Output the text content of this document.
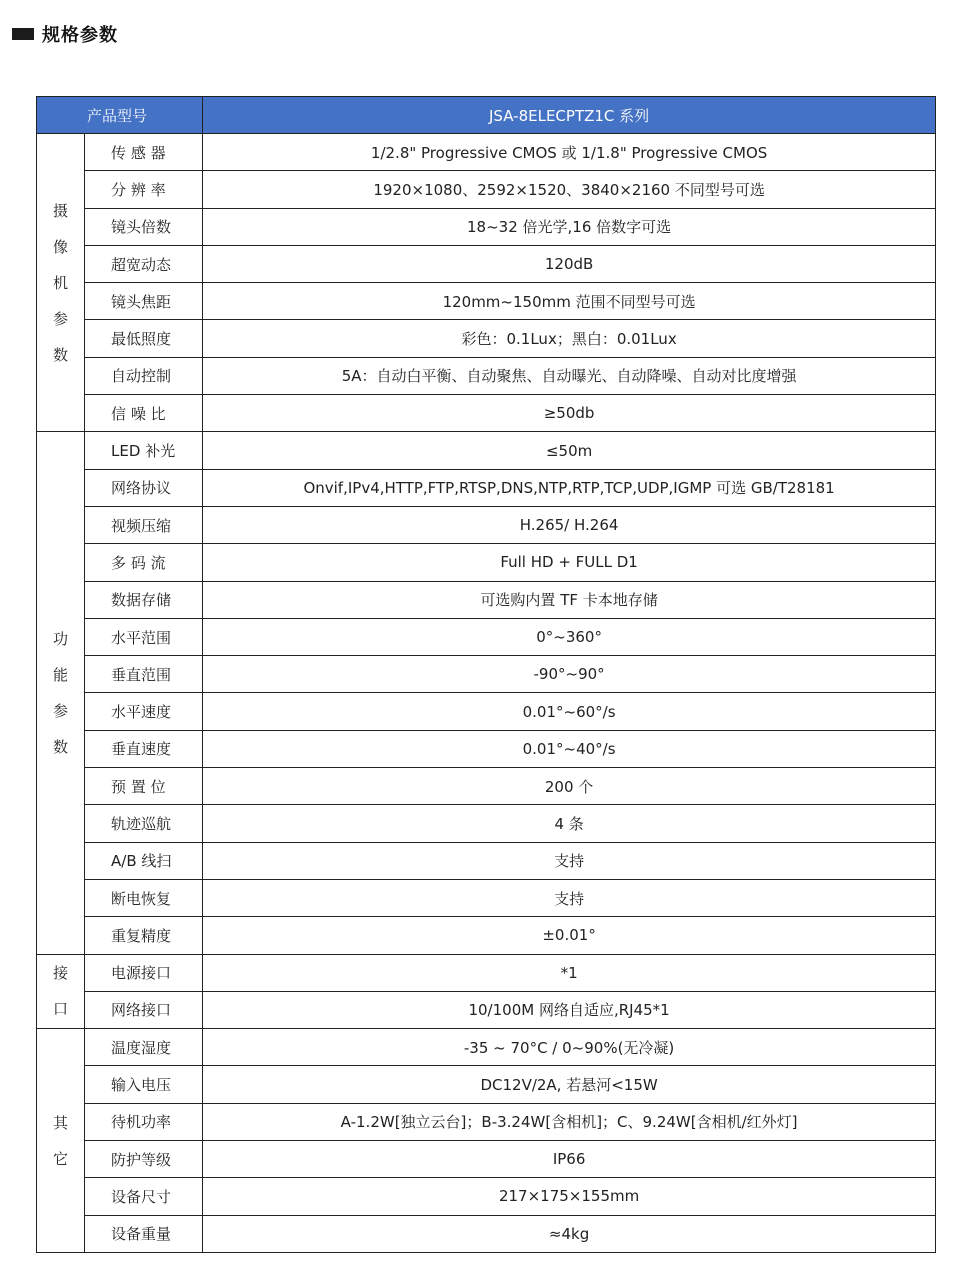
规格参数
产品型号		JSA-8ELECPTZ1C 系列

摄
像
机
参
数	传 感 器	1/2.8" Progressive CMOS 或 1/1.8" Progressive CMOS
	分 辨 率	1920×1080、2592×1520、3840×2160 不同型号可选
	镜头倍数	18~32 倍光学,16 倍数字可选
	超宽动态	120dB
	镜头焦距	120mm~150mm 范围不同型号可选
	最低照度	彩色：0.1Lux；黑白：0.01Lux
	自动控制	5A：自动白平衡、自动聚焦、自动曝光、自动降噪、自动对比度增强
	信 噪 比	≥50db

功
能
参
数	LED 补光	≤50m
	网络协议	Onvif,IPv4,HTTP,FTP,RTSP,DNS,NTP,RTP,TCP,UDP,IGMP 可选 GB/T28181
	视频压缩	H.265/ H.264
	多 码 流	Full HD + FULL D1
	数据存储	可选购内置 TF 卡本地存储
	水平范围	0°~360°
	垂直范围	-90°~90°
	水平速度	0.01°~60°/s
	垂直速度	0.01°~40°/s
	预 置 位	200 个
	轨迹巡航	4 条
	A/B 线扫	支持
	断电恢复	支持
	重复精度	±0.01°

接
口	电源接口	*1
	网络接口	10/100M 网络自适应,RJ45*1

其
它	温度湿度	-35 ~ 70°C / 0~90%(无冷凝)
	输入电压	DC12V/2A, 若悬河<15W
	待机功率	A-1.2W[独立云台]；B-3.24W[含相机]；C、9.24W[含相机/红外灯]
	防护等级	IP66
	设备尺寸	217×175×155mm
	设备重量	≈4kg
